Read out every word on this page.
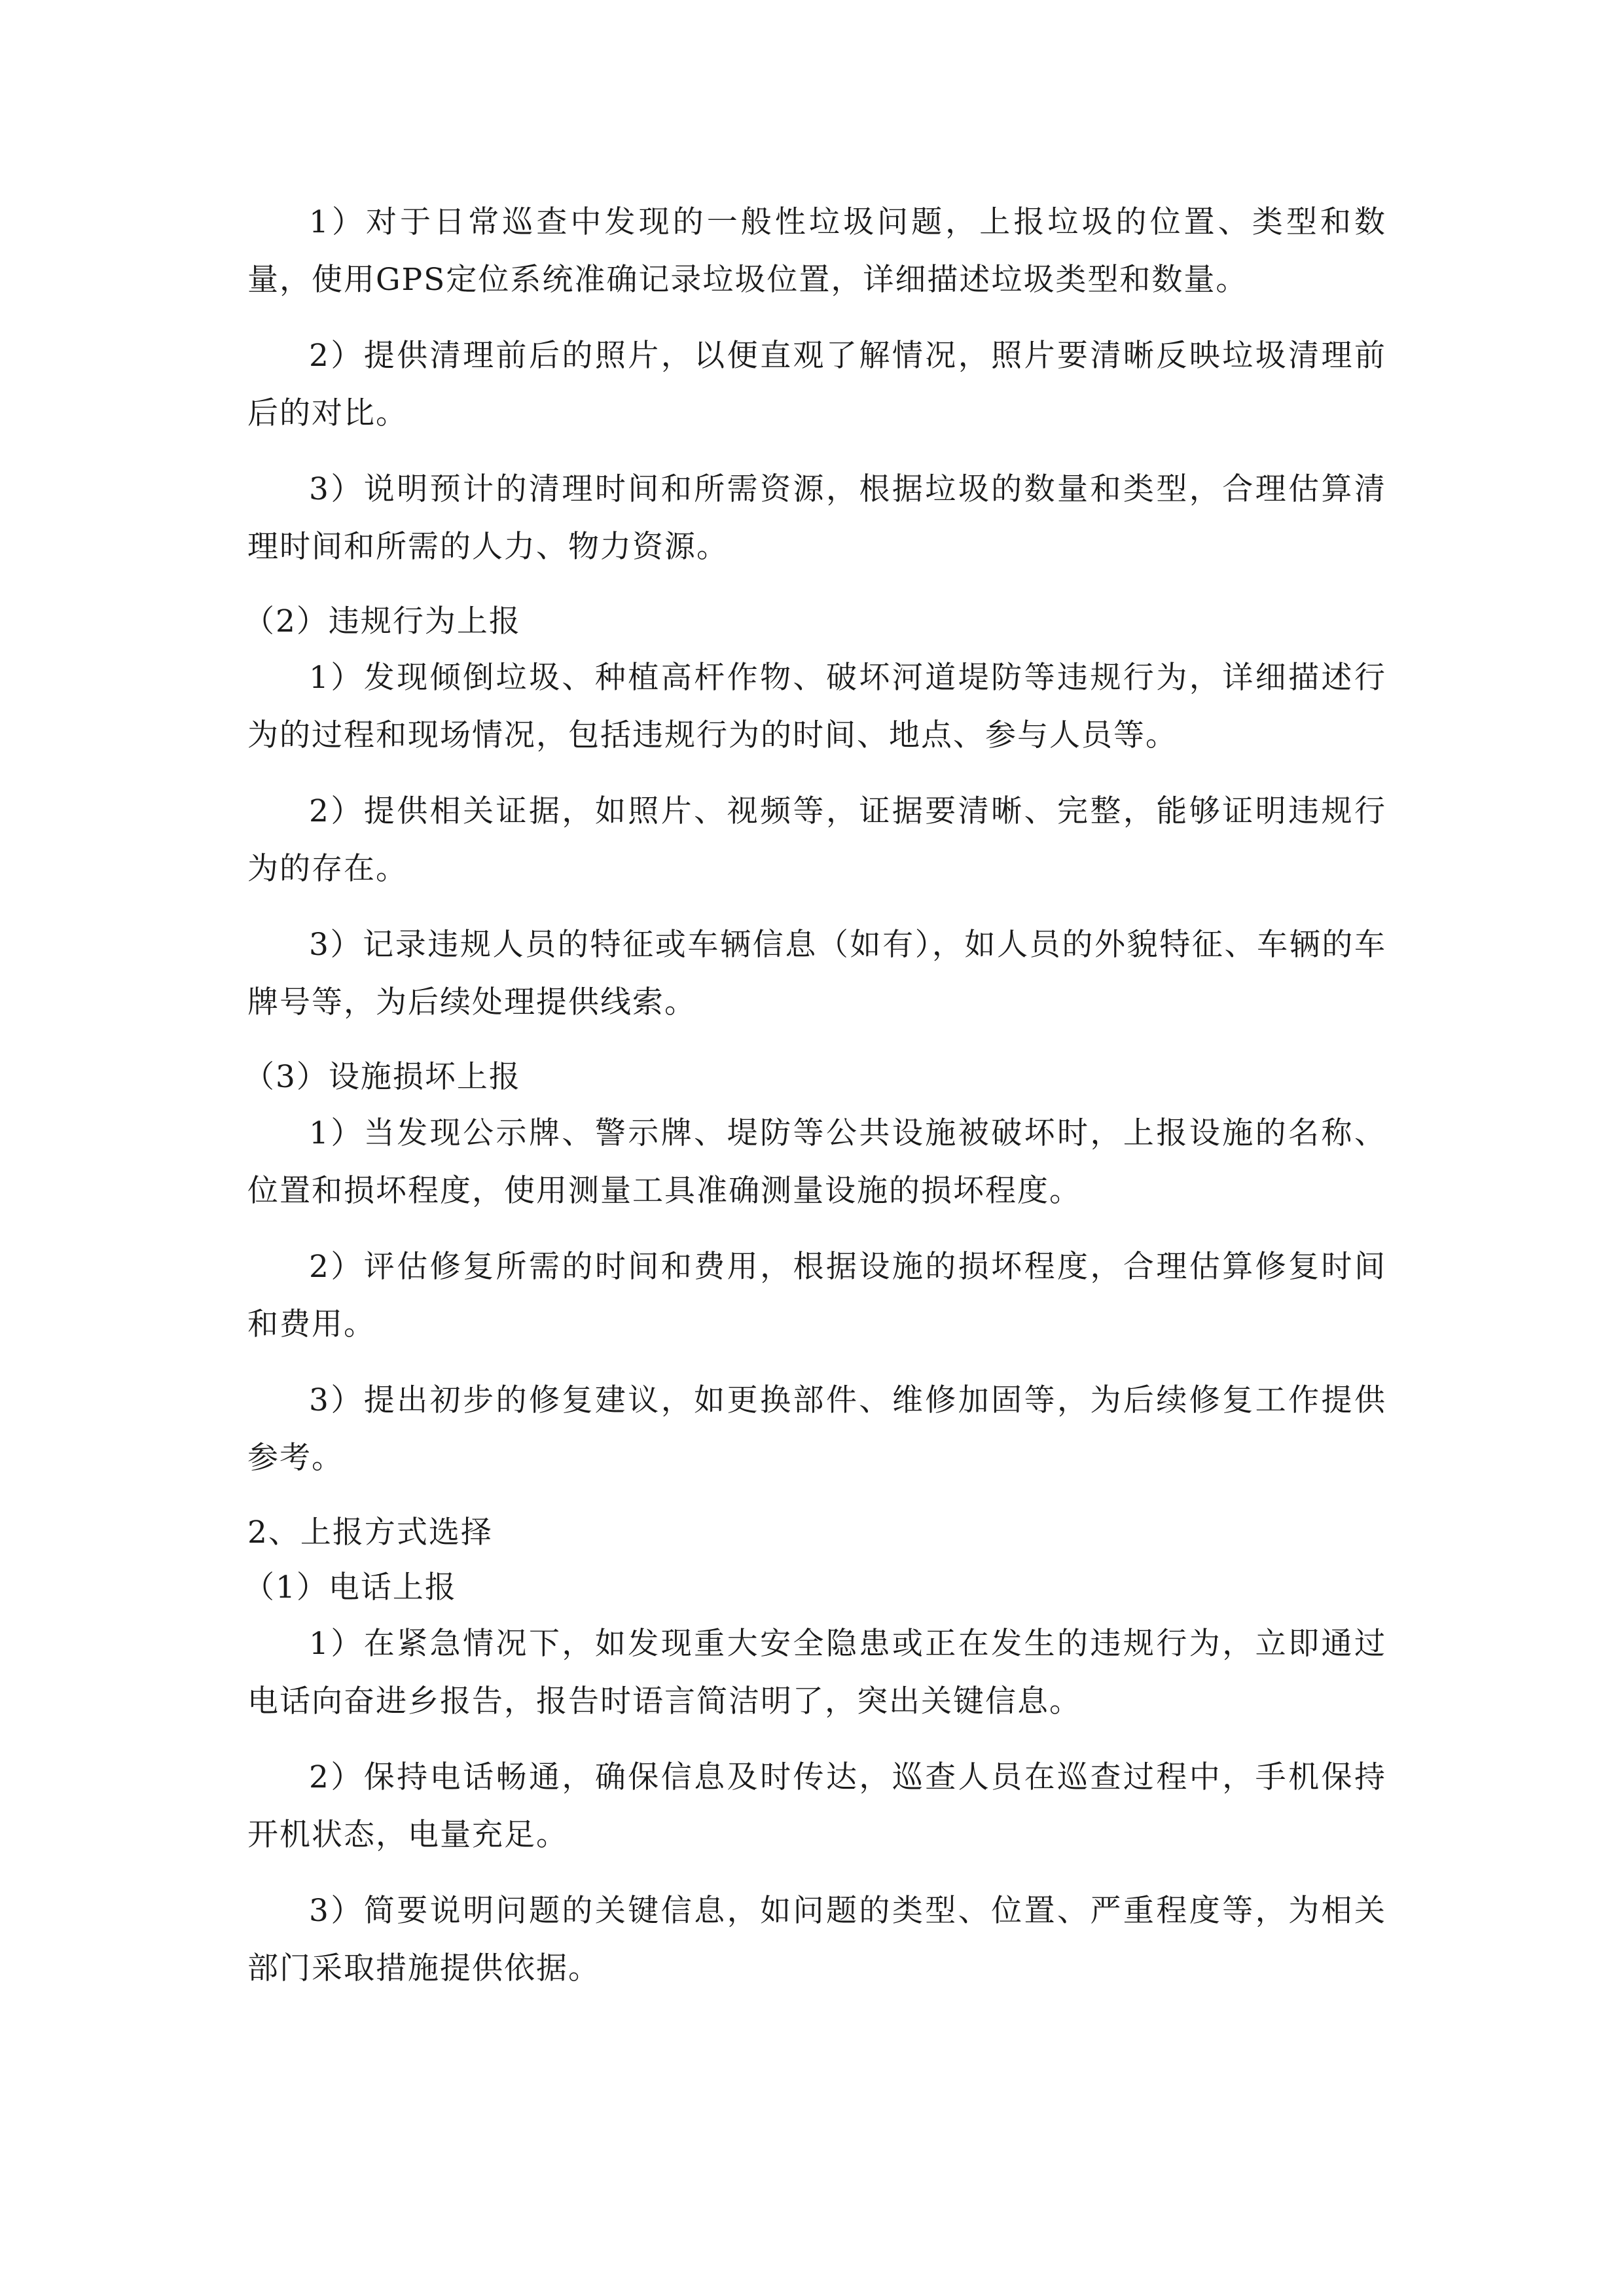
1）对于日常巡查中发现的一般性垃圾问题，上报垃圾的位置、类型和数量，使用GPS定位系统准确记录垃圾位置，详细描述垃圾类型和数量。

2）提供清理前后的照片，以便直观了解情况，照片要清晰反映垃圾清理前后的对比。

3）说明预计的清理时间和所需资源，根据垃圾的数量和类型，合理估算清理时间和所需的人力、物力资源。

（2）违规行为上报

1）发现倾倒垃圾、种植高杆作物、破坏河道堤防等违规行为，详细描述行为的过程和现场情况，包括违规行为的时间、地点、参与人员等。

2）提供相关证据，如照片、视频等，证据要清晰、完整，能够证明违规行为的存在。

3）记录违规人员的特征或车辆信息（如有），如人员的外貌特征、车辆的车牌号等，为后续处理提供线索。

（3）设施损坏上报

1）当发现公示牌、警示牌、堤防等公共设施被破坏时，上报设施的名称、位置和损坏程度，使用测量工具准确测量设施的损坏程度。

2）评估修复所需的时间和费用，根据设施的损坏程度，合理估算修复时间和费用。

3）提出初步的修复建议，如更换部件、维修加固等，为后续修复工作提供参考。

2、上报方式选择

（1）电话上报

1）在紧急情况下，如发现重大安全隐患或正在发生的违规行为，立即通过电话向奋进乡报告，报告时语言简洁明了，突出关键信息。

2）保持电话畅通，确保信息及时传达，巡查人员在巡查过程中，手机保持开机状态，电量充足。

3）简要说明问题的关键信息，如问题的类型、位置、严重程度等，为相关部门采取措施提供依据。
